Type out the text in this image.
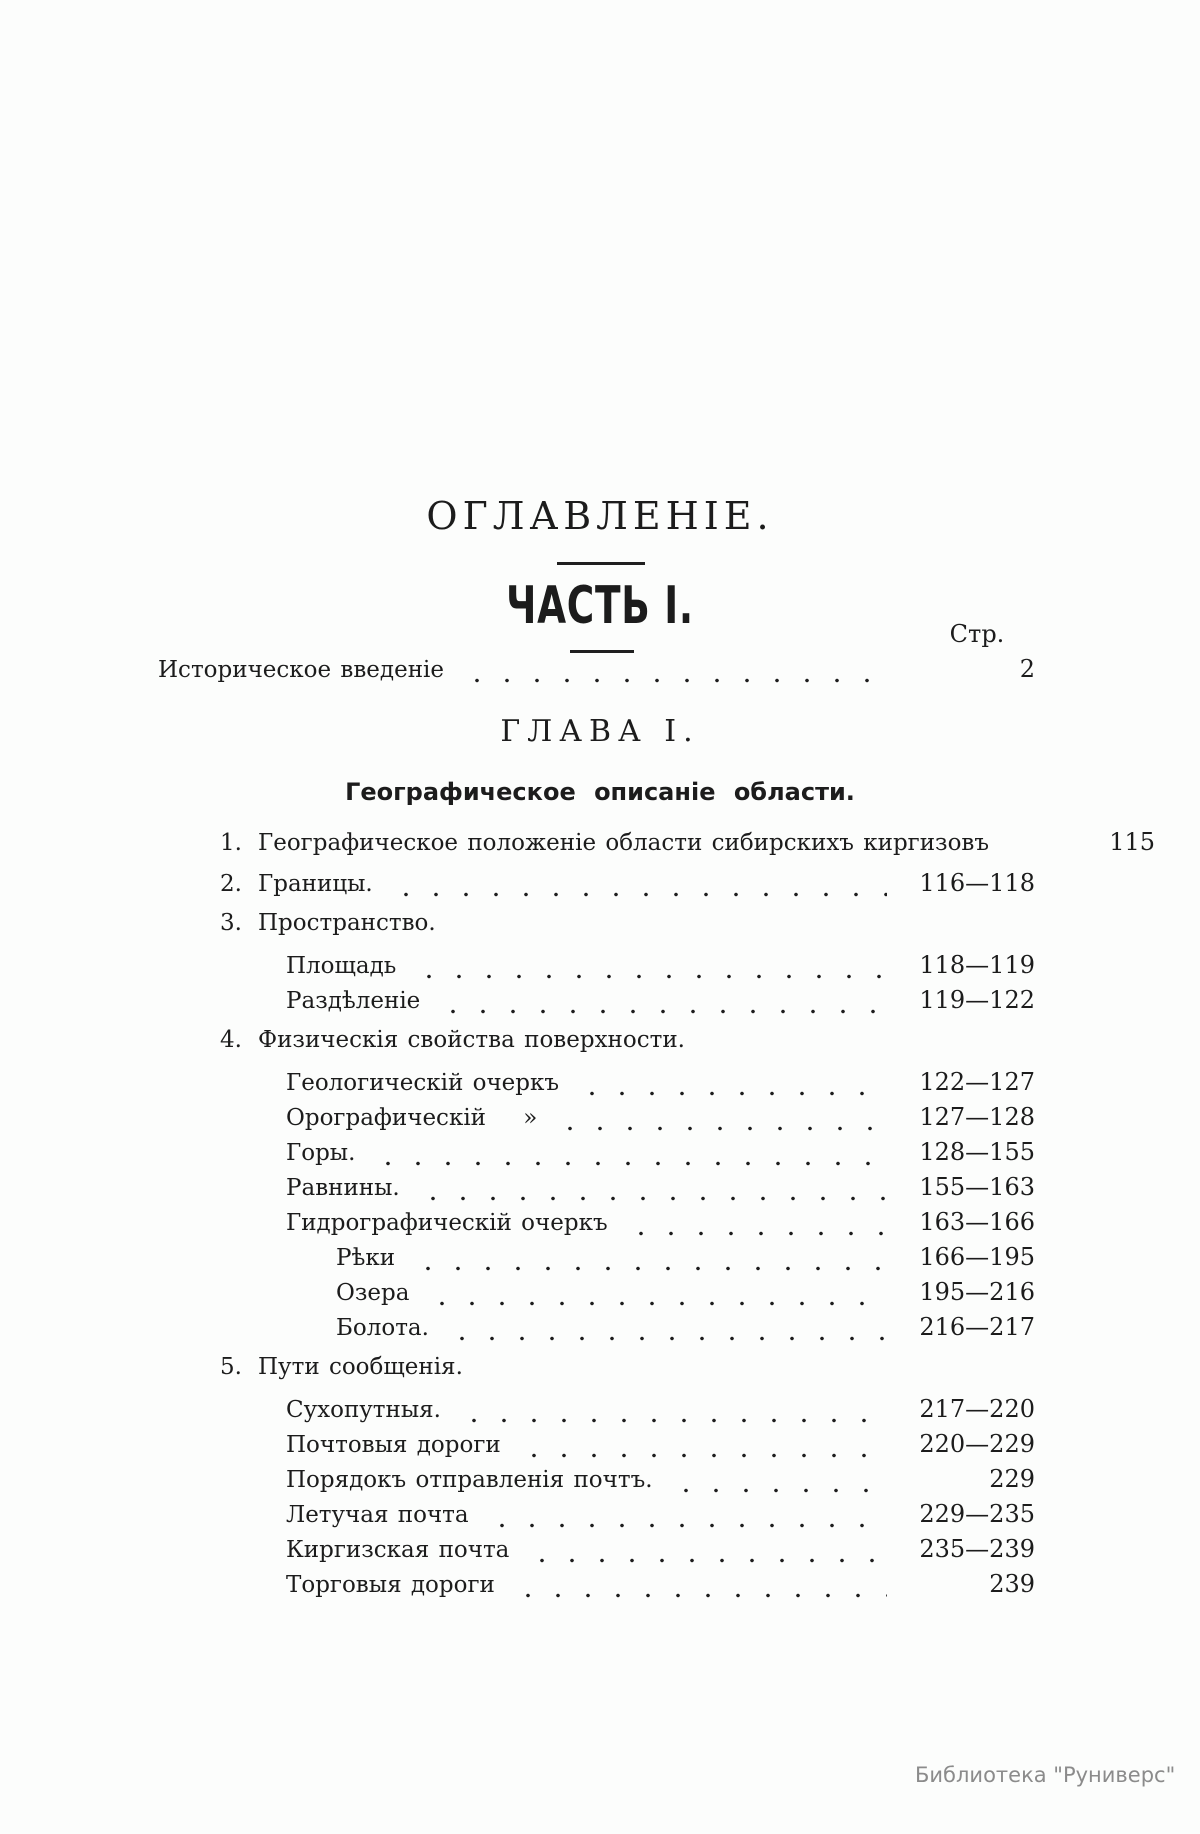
ОГЛАВЛЕНІЕ.
ЧАСТЬ I.	Стр.
Историческое введеніе	2
ГЛАВА I.
Географическое описаніе области.
1. Географическое положеніе области сибирскихъ киргизовъ	115
2. Границы.	116—118
3. Пространство.
Площадь	118—119
Раздѣленіе	119—122
4. Физическія свойства поверхности.
Геологическій очеркъ	122—127
Орографическій    »	127—128
Горы.	128—155
Равнины.	155—163
Гидрографическій очеркъ	163—166
Рѣки	166—195
Озера	195—216
Болота.	216—217
5. Пути сообщенія.
Сухопутныя.	217—220
Почтовыя дороги	220—229
Порядокъ отправленія почтъ.	229
Летучая почта	229—235
Киргизская почта	235—239
Торговыя дороги	239
Библиотека "Руниверс"
